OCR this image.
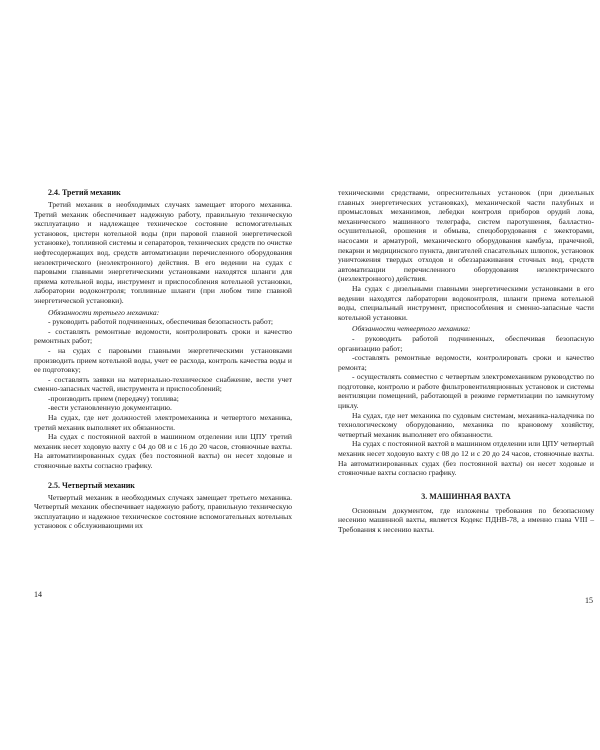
2.4. Третий механик

Третий механик в необходимых случаях замещает второго механика. Третий механик обеспечивает надежную работу, правильную техническую эксплуатацию и надлежащее техническое состояние вспомогательных установок, цистерн котельной воды (при паровой главной энергетической установке), топливной системы и сепараторов, технических средств по очистке нефтесодержащих вод, средств автоматизации перечисленного оборудования неэлектрического (неэлектронного) действия. В его ведении на судах с паровыми главными энергетическими установками находятся шланги для приема котельной воды, инструмент и приспособления котельной установки, лаборатории водоконтроля; топливные шланги (при любом типе главной энергетической установки).

Обязанности третьего механика:

- руководить работой подчиненных, обеспечивая безопасность работ;

- составлять ремонтные ведомости, контролировать сроки и качество ремонтных работ;

- на судах с паровыми главными энергетическими установками производить прием котельной воды, учет ее расхода, контроль качества воды и ее подготовку;

- составлять заявки на материально-техническое снабжение, вести учет сменно-запасных частей, инструмента и приспособлений;

-производить прием (передачу) топлива;

-вести установленную документацию.

На судах, где нет должностей электромеханика и четвертого механика, третий механик выполняет их обязанности.

На судах с постоянной вахтой в машинном отделении или ЦПУ третий механик несет ходовую вахту с 04 до 08 и с 16 до 20 часов, стояночные вахты. На автоматизированных судах (без постоянной вахты) он несет ходовые и стояночные вахты согласно графику.

2.5. Четвертый механик

Четвертый механик в необходимых случаях замещает третьего механика. Четвертый механик обеспечивает надежную работу, правильную техническую эксплуатацию и надежное техническое состояние вспомогательных котельных установок с обслуживающими их

14

техническими средствами, опреснительных установок (при дизельных главных энергетических установках), механической части палубных и промысловых механизмов, лебедки контроля приборов орудий лова, механического машинного телеграфа, систем паротушения, балластно-осушительной, орошения и обмыва, спецоборудования с эжекторами, насосами и арматурой, механического оборудования камбуза, прачечной, пекарни и медицинского пункта, двигателей спасательных шлюпок, установок уничтожения твердых отходов и обеззараживания сточных вод, средств автоматизации перечисленного оборудования неэлектрического (неэлектронного) действия.

На судах с дизельными главными энергетическими установками в его ведении находятся лаборатории водоконтроля, шланги приема котельной воды, специальный инструмент, приспособления и сменно-запасные части котельной установки.

Обязанности четвертого механика:

- руководить работой подчиненных, обеспечивая безопасную организацию работ;

-составлять ремонтные ведомости, контролировать сроки и качество ремонта;

- осуществлять совместно с четвертым электромехаником руководство по подготовке, контролю и работе фильтровентиляционных установок и системы вентиляции помещений, работающей в режиме герметизации по замкнутому циклу.

На судах, где нет механика по судовым системам, механика-наладчика по технологическому оборудованию, механика по крановому хозяйству, четвертый механик выполняет его обязанности.

На судах с постоянной вахтой в машинном отделении или ЦПУ четвертый механик несет ходовую вахту с 08 до 12 и с 20 до 24 часов, стояночные вахты. На автоматизированных судах (без постоянной вахты) он несет ходовые и стояночные вахты согласно графику.

3. МАШИННАЯ ВАХТА

Основным документом, где изложены требования по безопасному несению машинной вахты, является Кодекс ПДНВ-78, а именно глава VIII – Требования к несению вахты.

15
